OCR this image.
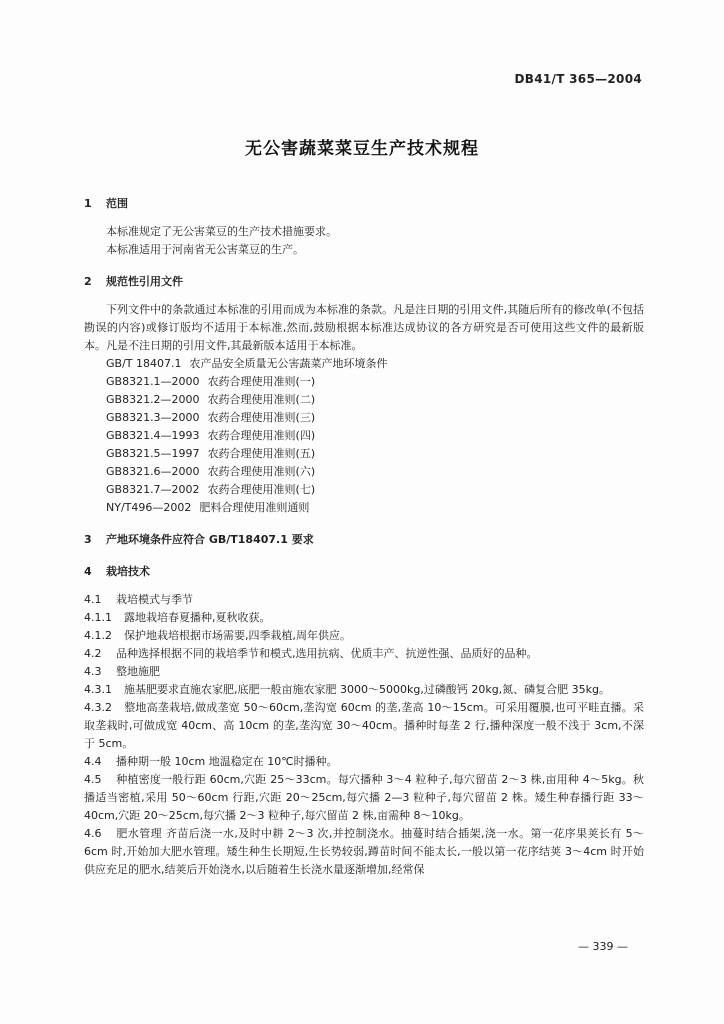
DB41/T 365—2004
无公害蔬菜菜豆生产技术规程

1 范围

本标准规定了无公害菜豆的生产技术措施要求。

本标准适用于河南省无公害菜豆的生产。

2 规范性引用文件

下列文件中的条款通过本标准的引用而成为本标准的条款。凡是注日期的引用文件,其随后所有的修改单(不包括勘误的内容)或修订版均不适用于本标准,然而,鼓励根据本标准达成协议的各方研究是否可使用这些文件的最新版本。凡是不注日期的引用文件,其最新版本适用于本标准。

GB/T 18407.1 农产品安全质量无公害蔬菜产地环境条件

GB8321.1—2000 农药合理使用准则(一)

GB8321.2—2000 农药合理使用准则(二)

GB8321.3—2000 农药合理使用准则(三)

GB8321.4—1993 农药合理使用准则(四)

GB8321.5—1997 农药合理使用准则(五)

GB8321.6—2000 农药合理使用准则(六)

GB8321.7—2002 农药合理使用准则(七)

NY/T496—2002 肥料合理使用准则通则

3 产地环境条件应符合 GB/T18407.1 要求

4 栽培技术

4.1 栽培模式与季节

4.1.1 露地栽培春夏播种,夏秋收获。

4.1.2 保护地栽培根据市场需要,四季栽植,周年供应。

4.2 品种选择根据不同的栽培季节和模式,选用抗病、优质丰产、抗逆性强、品质好的品种。

4.3 整地施肥

4.3.1 施基肥要求直施农家肥,底肥一般亩施农家肥 3000～5000kg,过磷酸钙 20kg,氮、磷复合肥 35kg。

4.3.2 整地高垄栽培,做成垄宽 50～60cm,垄沟宽 60cm 的垄,垄高 10～15cm。可采用覆膜,也可平畦直播。采取垄栽时,可做成宽 40cm、高 10cm 的垄,垄沟宽 30～40cm。播种时每垄 2 行,播种深度一般不浅于 3cm,不深于 5cm。

4.4 播种期一般 10cm 地温稳定在 10℃时播种。

4.5 种植密度一般行距 60cm,穴距 25～33cm。每穴播种 3～4 粒种子,每穴留苗 2～3 株,亩用种 4～5kg。秋播适当密植,采用 50～60cm 行距,穴距 20～25cm,每穴播 2—3 粒种子,每穴留苗 2 株。矮生种春播行距 33～40cm,穴距 20～25cm,每穴播 2～3 粒种子,每穴留苗 2 株,亩需种 8～10kg。

4.6 肥水管理 齐苗后浇一水,及时中耕 2～3 次,并控制浇水。抽蔓时结合插架,浇一水。第一花序果荚长有 5～6cm 时,开始加大肥水管理。矮生种生长期短,生长势较弱,蹲苗时间不能太长,一般以第一花序结荚 3～4cm 时开始供应充足的肥水,结荚后开始浇水,以后随着生长浇水量逐渐增加,经常保

— 339 —
